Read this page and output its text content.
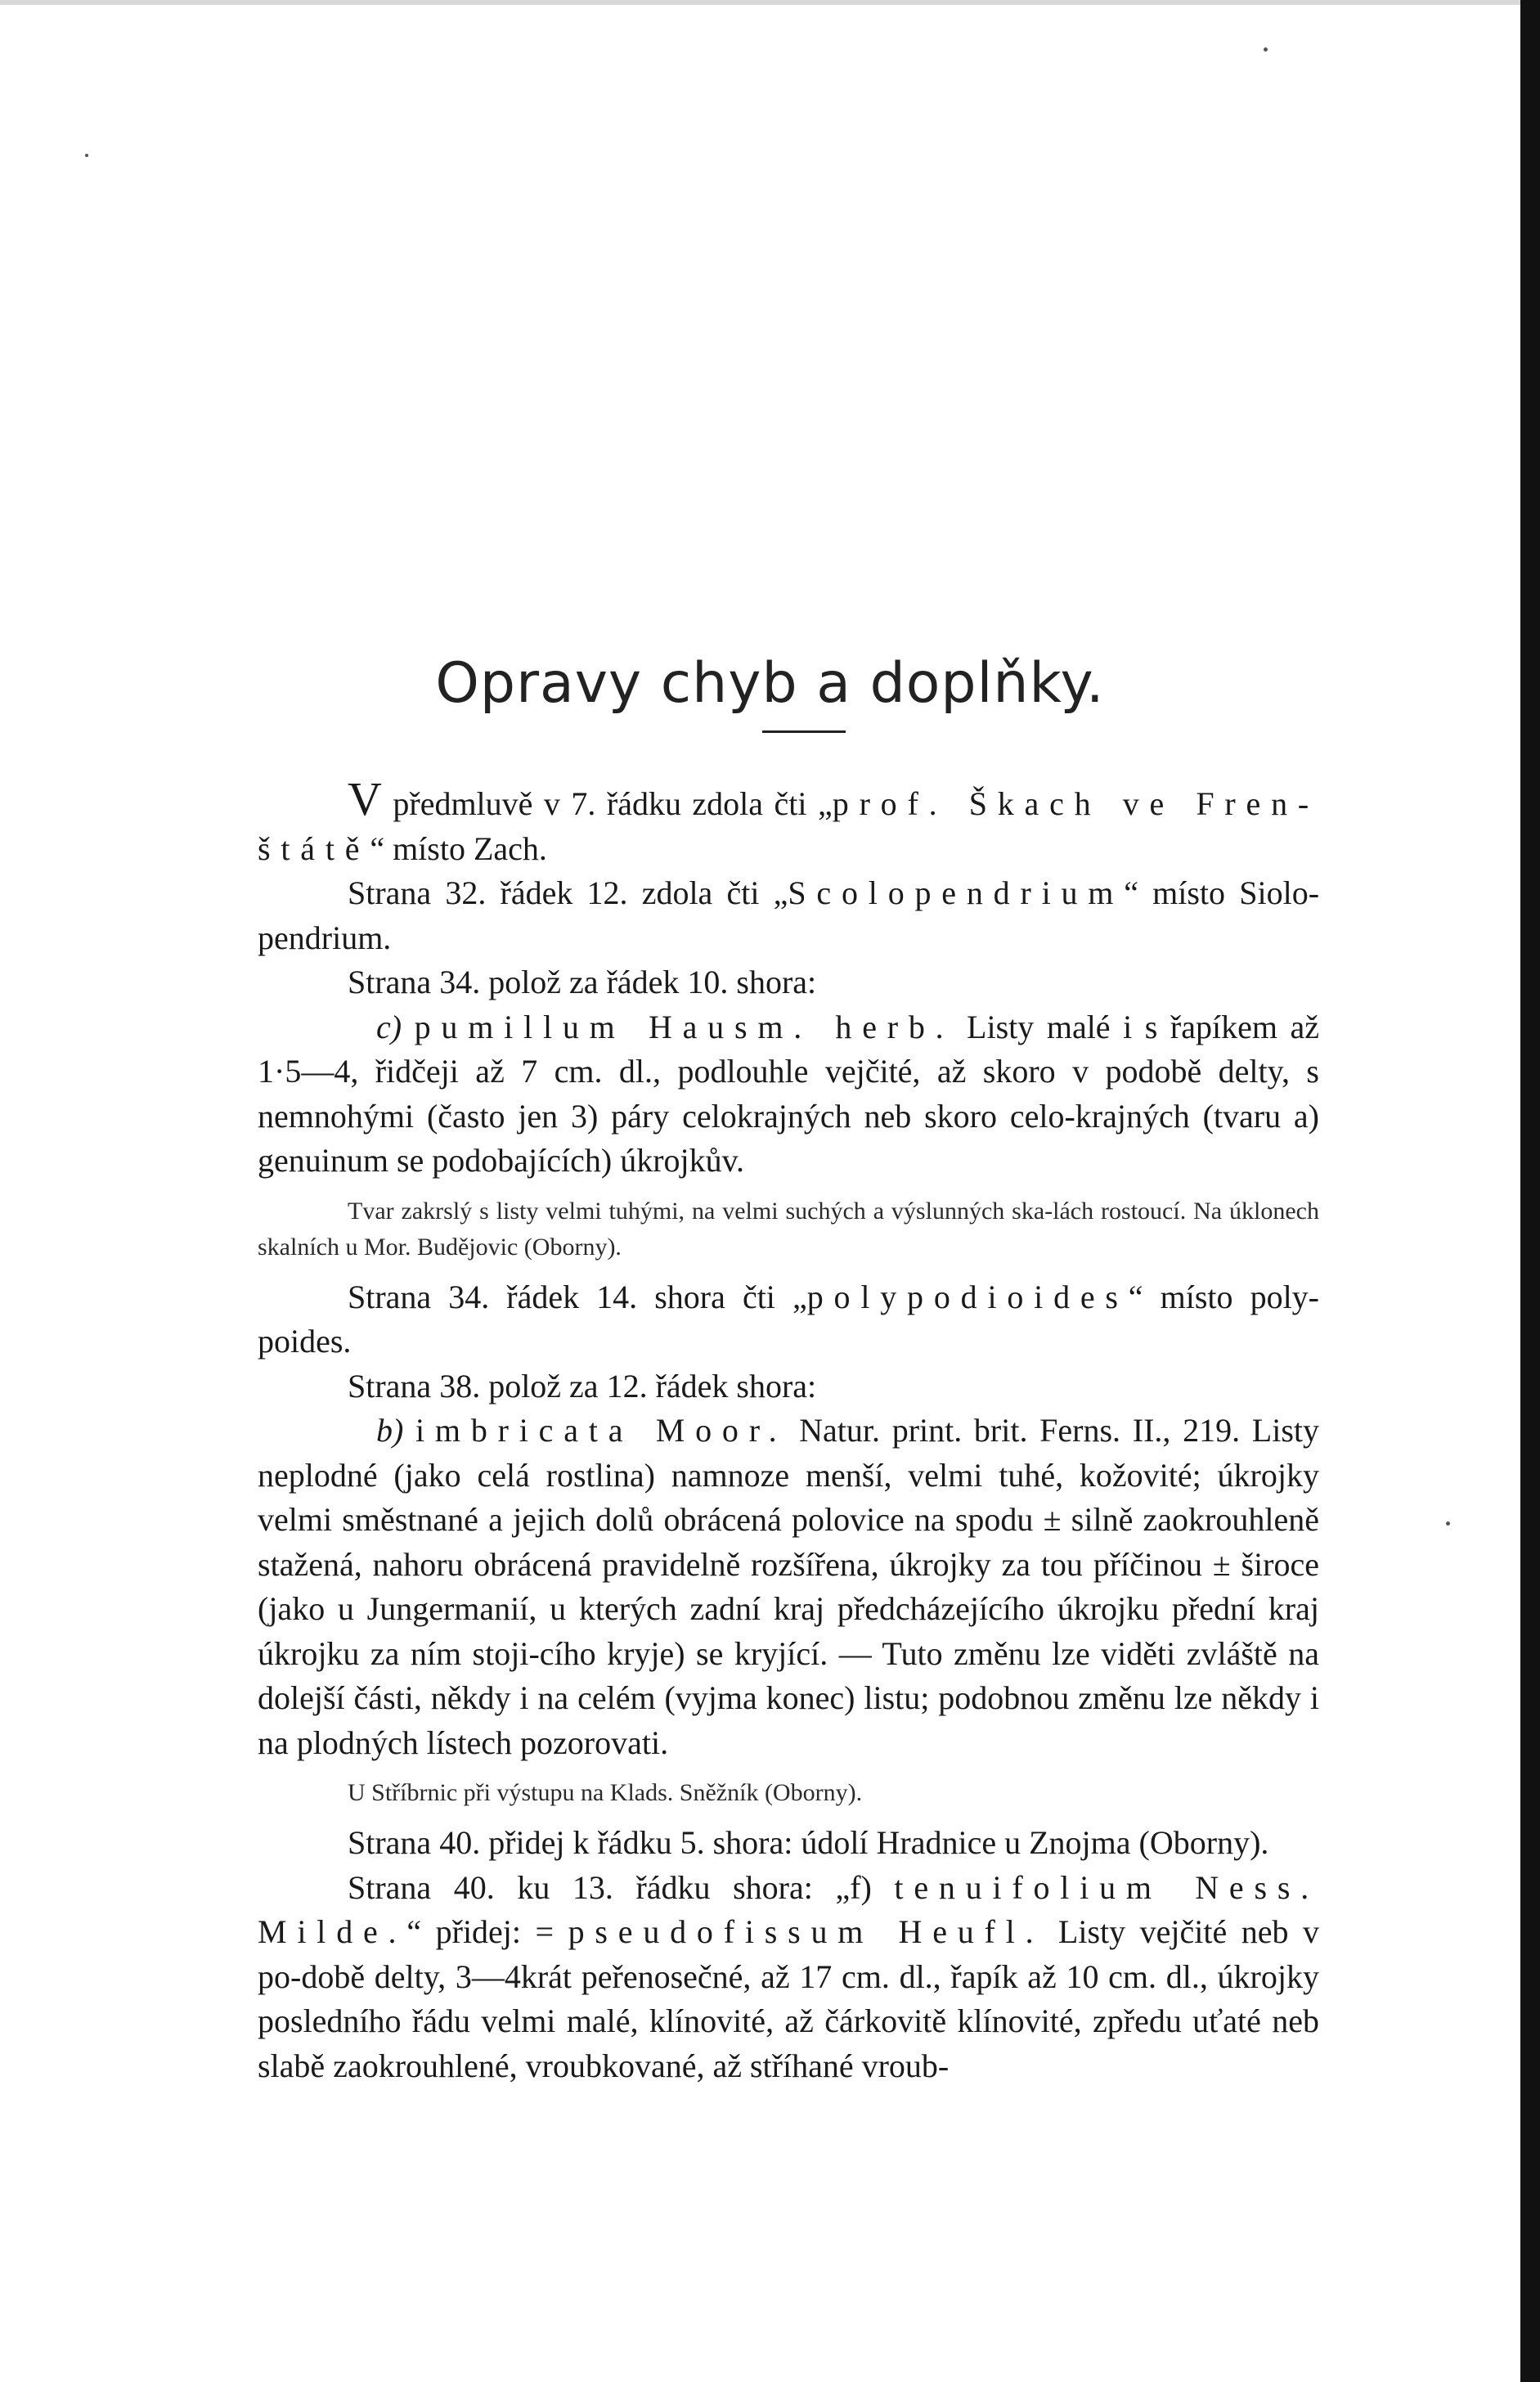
Opravy chyb a doplňky.

V předmluvě v 7. řádku zdola čti „prof. Škach ve Fren-štátě“ místo Zach.

Strana 32. řádek 12. zdola čti „Scolopendrium“ místo Siolo-pendrium.

Strana 34. polož za řádek 10. shora:

c) pumillum Hausm. herb. Listy malé i s řapíkem až 1·5—4, řidčeji až 7 cm. dl., podlouhle vejčité, až skoro v podobě delty, s nemnohými (často jen 3) páry celokrajných neb skoro celo-krajných (tvaru a) genuinum se podobajících) úkrojkův.

Tvar zakrslý s listy velmi tuhými, na velmi suchých a výslunných ska-lách rostoucí. Na úklonech skalních u Mor. Budějovic (Oborny).

Strana 34. řádek 14. shora čti „polypodioides“ místo poly-poides.

Strana 38. polož za 12. řádek shora:

b) imbricata Moor. Natur. print. brit. Ferns. II., 219. Listy neplodné (jako celá rostlina) namnoze menší, velmi tuhé, kožovité; úkrojky velmi směstnané a jejich dolů obrácená polovice na spodu ± silně zaokrouhleně stažená, nahoru obrácená pravidelně rozšířena, úkrojky za tou příčinou ± široce (jako u Jungermanií, u kterých zadní kraj předcházejícího úkrojku přední kraj úkrojku za ním stoji-cího kryje) se kryjící. — Tuto změnu lze viděti zvláště na dolejší části, někdy i na celém (vyjma konec) listu; podobnou změnu lze někdy i na plodných lístech pozorovati.

U Stříbrnic při výstupu na Klads. Sněžník (Oborny).

Strana 40. přidej k řádku 5. shora: údolí Hradnice u Znojma (Oborny).

Strana 40. ku 13. řádku shora: „f) tenuifolium Ness. Milde.“ přidej: = pseudofissum Heufl. Listy vejčité neb v po-době delty, 3—4krát peřenosečné, až 17 cm. dl., řapík až 10 cm. dl., úkrojky posledního řádu velmi malé, klínovité, až čárkovitě klínovité, zpředu uťaté neb slabě zaokrouhlené, vroubkované, až stříhané vroub-
